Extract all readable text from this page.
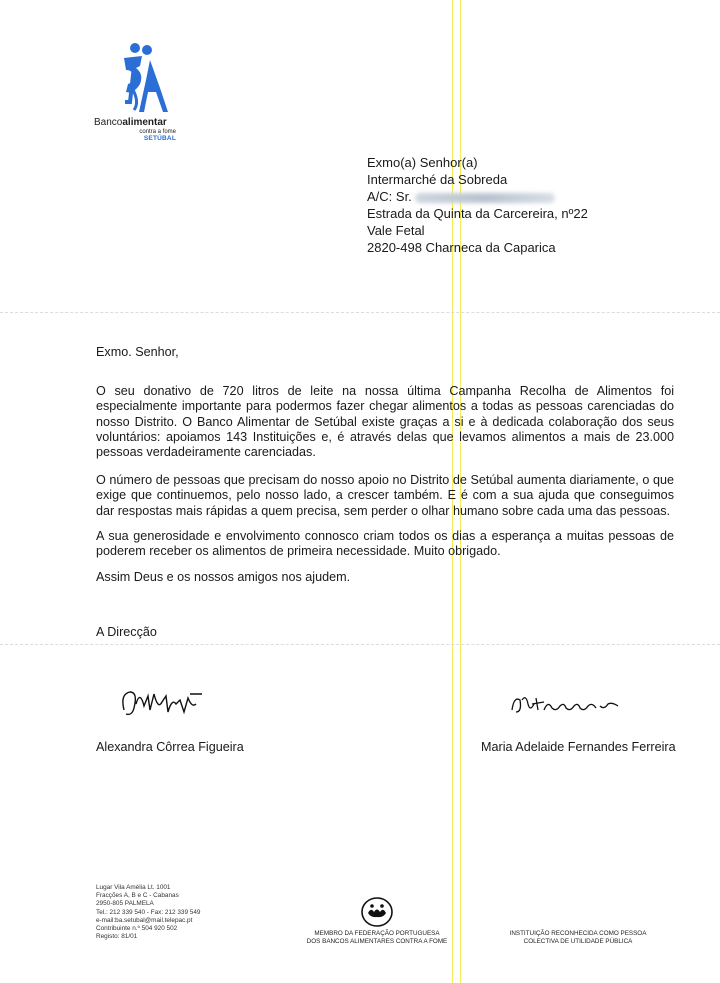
Bancoalimentar
contra a fome
SETÚBAL
Exmo(a) Senhor(a)
Intermarché da Sobreda
A/C: Sr.
Estrada da Quinta da Carcereira, nº22
Vale Fetal
2820-498 Charneca da Caparica
Exmo. Senhor,
O seu donativo de 720 litros de leite na nossa última Campanha Recolha de Alimentos foi especialmente importante para podermos fazer chegar alimentos a todas as pessoas carenciadas do nosso Distrito. O Banco Alimentar de Setúbal existe graças a si e à dedicada colaboração dos seus voluntários: apoiamos 143 Instituições e, é através delas que levamos alimentos a mais de 23.000 pessoas verdadeiramente carenciadas.
O número de pessoas que precisam do nosso apoio no Distrito de Setúbal aumenta diariamente, o que exige que continuemos, pelo nosso lado, a crescer também. E é com a sua ajuda que conseguimos dar respostas mais rápidas a quem precisa, sem perder o olhar humano sobre cada uma das pessoas.
A sua generosidade e envolvimento connosco criam todos os dias a esperança a muitas pessoas de poderem receber os alimentos de primeira necessidade. Muito obrigado.
Assim Deus e os nossos amigos nos ajudem.
A Direcção
Alexandra Côrrea Figueira	Maria Adelaide Fernandes Ferreira
Lugar Vila Amélia Lt. 1001
Fracções A, B e C - Cabanas
2950-805 PALMELA
Tel.: 212 339 540 - Fax: 212 339 549
e-mail:ba.setubal@mail.telepac.pt
Contribuinte n.º 504 920 502
Registo: 81/01	MEMBRO DA FEDERAÇÃO PORTUGUESA
DOS BANCOS ALIMENTARES CONTRA A FOME
INSTITUIÇÃO RECONHECIDA COMO PESSOA
COLECTIVA DE UTILIDADE PÚBLICA
